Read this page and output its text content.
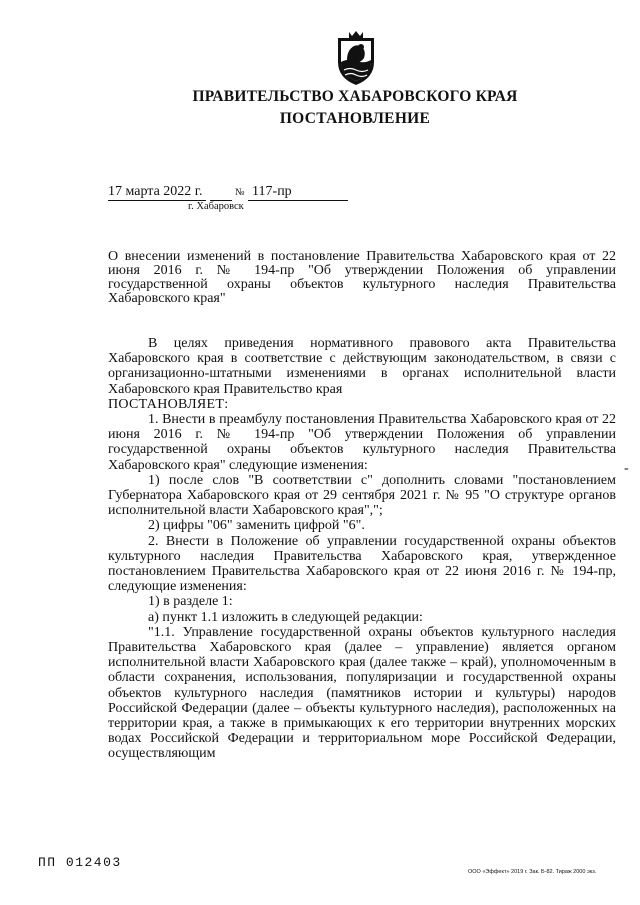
ПРАВИТЕЛЬСТВО ХАБАРОВСКОГО КРАЯ
ПОСТАНОВЛЕНИЕ
17 марта 2022 г.	№ 117-пр
г. Хабаровск
О внесении изменений в постановление Правительства Хабаровского края от 22 июня 2016 г. № 194-пр "Об утверждении Положения об управлении государственной охраны объектов культурного наследия Правительства Хабаровского края"

В целях приведения нормативного правового акта Правительства Хабаровского края в соответствие с действующим законодательством, в связи с организационно-штатными изменениями в органах исполнительной власти Хабаровского края Правительство края

ПОСТАНОВЛЯЕТ:

1. Внести в преамбулу постановления Правительства Хабаровского края от 22 июня 2016 г. № 194-пр "Об утверждении Положения об управлении государственной охраны объектов культурного наследия Правительства Хабаровского края" следующие изменения:

1) после слов "В соответствии с" дополнить словами "постановлением Губернатора Хабаровского края от 29 сентября 2021 г. № 95 "О структуре органов исполнительной власти Хабаровского края",";

2) цифры "06" заменить цифрой "6".

2. Внести в Положение об управлении государственной охраны объектов культурного наследия Правительства Хабаровского края, утвержденное постановлением Правительства Хабаровского края от 22 июня 2016 г. № 194-пр, следующие изменения:

1) в разделе 1:

а) пункт 1.1 изложить в следующей редакции:

"1.1. Управление государственной охраны объектов культурного наследия Правительства Хабаровского края (далее – управление) является органом исполнительной власти Хабаровского края (далее также – край), уполномоченным в области сохранения, использования, популяризации и государственной охраны объектов культурного наследия (памятников истории и культуры) народов Российской Федерации (далее – объекты культурного наследия), расположенных на территории края, а также в примыкающих к его территории внутренних морских водах Российской Федерации и территориальном море Российской Федерации, осуществляющим

-
ПП 012403
ООО «Эффект» 2019 г. Зак. Б-82. Тираж 2000 экз.
